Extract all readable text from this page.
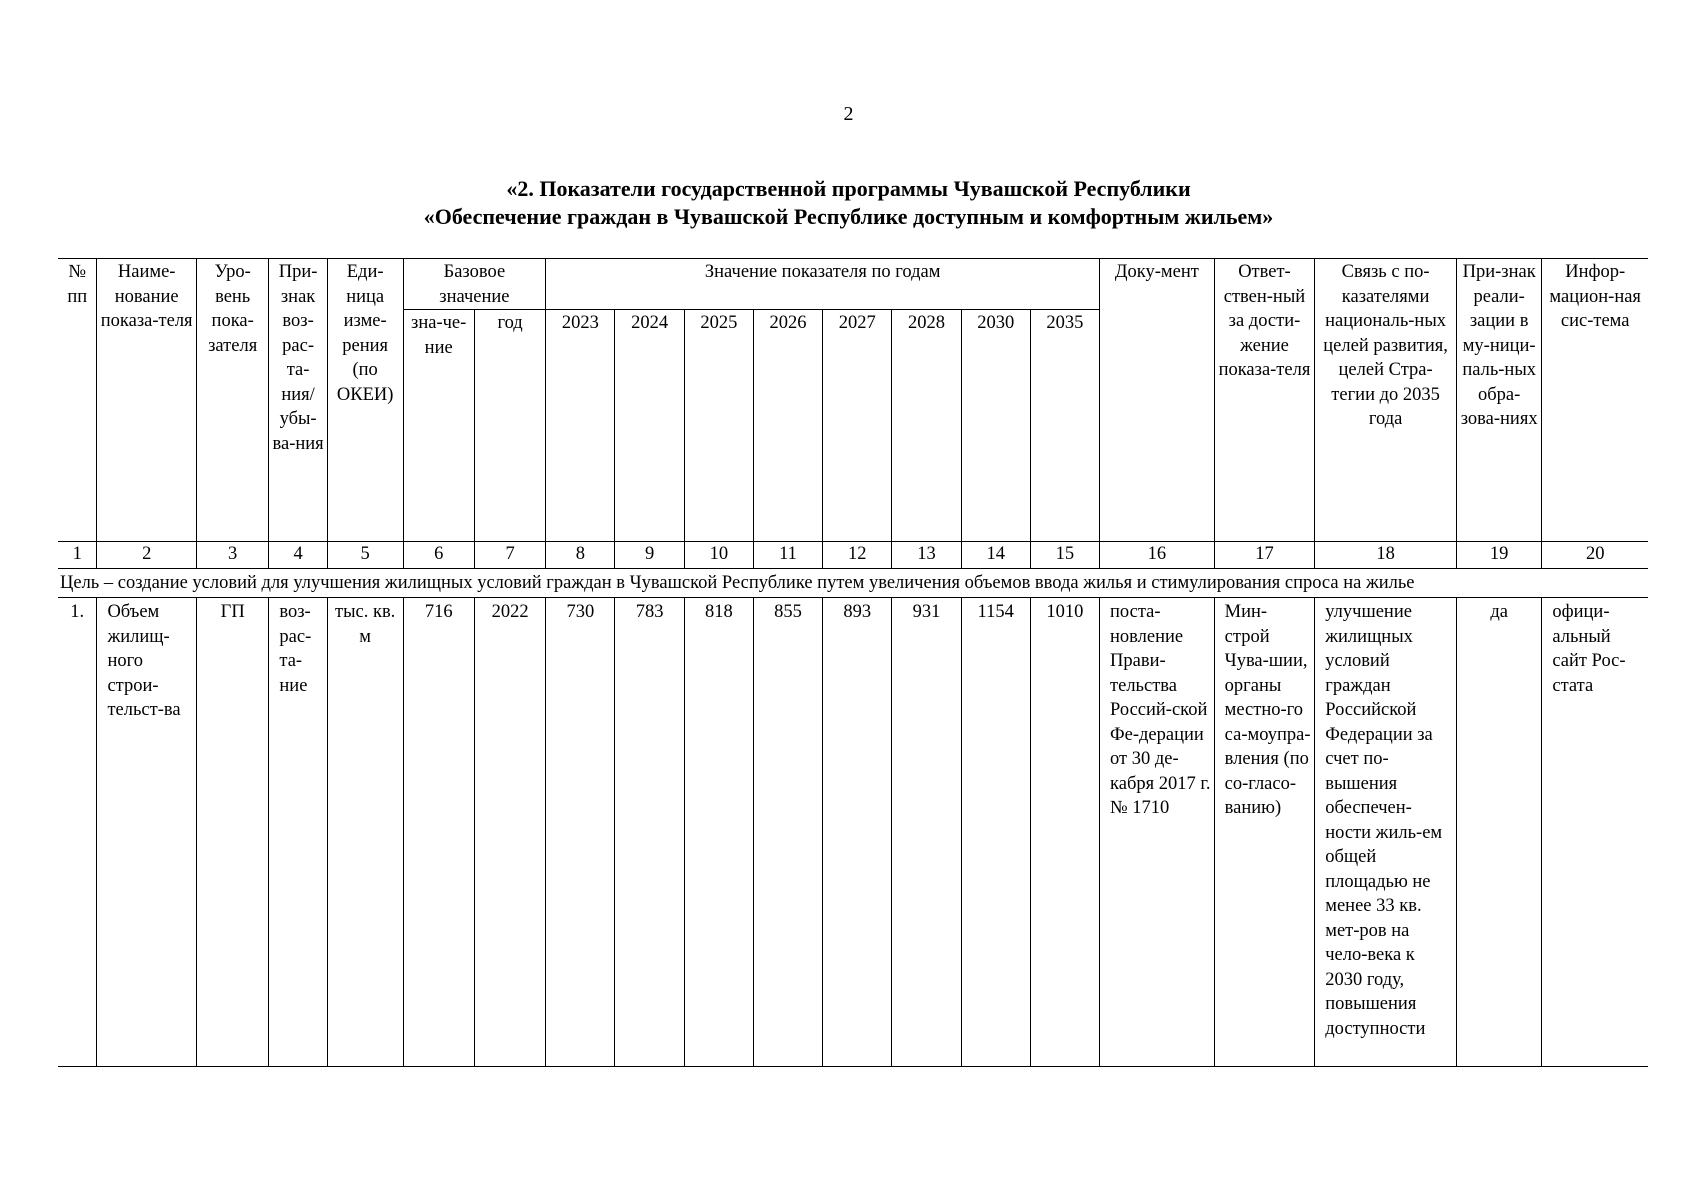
2
«2. Показатели государственной программы Чувашской Республики
«Обеспечение граждан в Чувашской Республике доступным и комфортным жильем»
№ пп	Наиме-нование показа-теля	Уро-вень пока-зателя	При-знак воз-рас-та-ния/убы-ва-ния	Еди-ница изме-рения (по ОКЕИ)	Базовое значение		Значение показателя по годам								Доку-мент	Ответ-ствен-ный за дости-жение показа-теля	Связь с по-казателями националь-ных целей развития, целей Стра-тегии до 2035 года	При-знак реали-зации в му-ници-паль-ных обра-зова-ниях	Инфор-мацион-ная сис-тема
					зна-че-ние	год	2023	2024	2025	2026	2027	2028	2030	2035					
1	2	3	4	5	6	7	8	9	10	11	12	13	14	15	16	17	18	19	20
Цель – создание условий для улучшения жилищных условий граждан в Чувашской Республике путем увеличения объемов ввода жилья и стимулирования спроса на жилье																			
1.	Объем жилищ-ного строи-тельст-ва	ГП	воз-рас-та-ние	тыс. кв. м	716	2022	730	783	818	855	893	931	1154	1010	поста-новление Прави-тельства Россий-ской Фе-дерации от 30 де-кабря 2017 г. № 1710	Мин-строй Чува-шии, органы местно-го са-моупра-вления (по со-гласо-ванию)	улучшение жилищных условий граждан Российской Федерации за счет по-вышения обеспечен-ности жиль-ем общей площадью не менее 33 кв. мет-ров на чело-века к 2030 году, повышения доступности	да	офици-альный сайт Рос-стата
